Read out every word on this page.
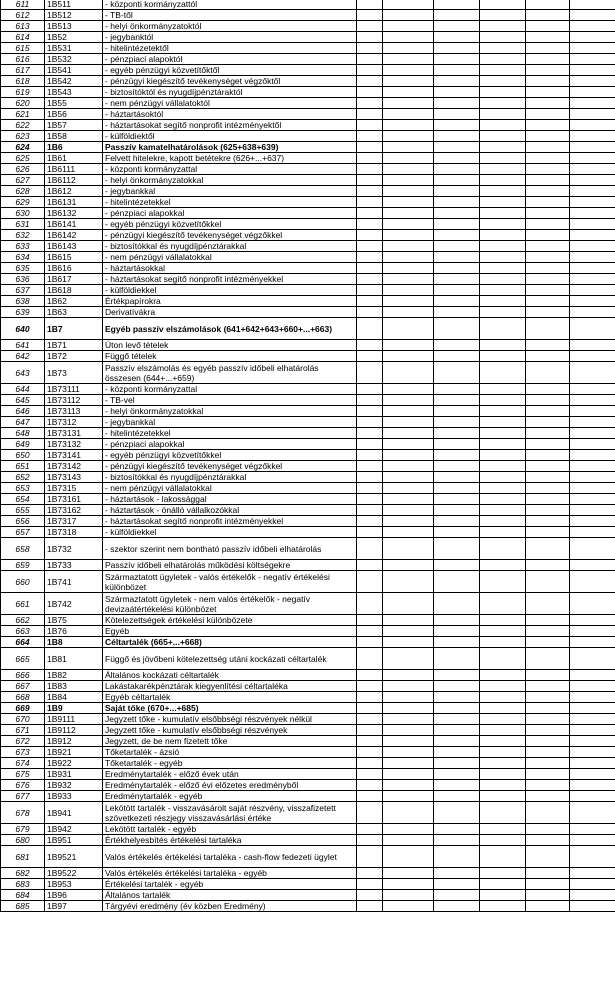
611	1B511	- központi kormányzattól						
612	1B512	- TB-től						
613	1B513	- helyi önkormányzatoktól						
614	1B52	- jegybanktól						
615	1B531	- hitelintézetektől						
616	1B532	- pénzpiaci alapoktól						
617	1B541	- egyéb pénzügyi közvetítőktől						
618	1B542	- pénzügyi kiegészítő tevékenységet végzőktől						
619	1B543	- biztosítóktól és nyugdíjpénztáraktól						
620	1B55	- nem pénzügyi vállalatoktól						
621	1B56	- háztartásoktól						
622	1B57	- háztartásokat segítő nonprofit intézményektől						
623	1B58	- külföldiektől						
624	1B6	Passzív kamatelhatárolások (625+638+639)						
625	1B61	Felvett hitelekre, kapott betétekre (626+...+637)						
626	1B6111	- központi kormányzattal						
627	1B6112	- helyi önkormányzatokkal						
628	1B612	- jegybankkal						
629	1B6131	- hitelintézetekkel						
630	1B6132	- pénzpiaci alapokkal						
631	1B6141	- egyéb pénzügyi közvetítőkkel						
632	1B6142	- pénzügyi kiegészítő tevékenységet végzőkkel						
633	1B6143	- biztosítókkal és nyugdíjpénztárakkal						
634	1B615	- nem pénzügyi vállalatokkal						
635	1B616	- háztartásokkal						
636	1B617	- háztartásokat segítő nonprofit intézményekkel						
637	1B618	- külföldiekkel						
638	1B62	Értékpapírokra						
639	1B63	Derivatívákra						
640	1B7	Egyéb passzív elszámolások (641+642+643+660+...+663)						
641	1B71	Úton levő tételek						
642	1B72	Függő tételek						
643	1B73	Passzív elszámolás és egyéb passzív időbeli elhatárolás összesen (644+...+659)						
644	1B73111	- központi kormányzattal						
645	1B73112	- TB-vel						
646	1B73113	- helyi önkormányzatokkal						
647	1B7312	- jegybankkal						
648	1B73131	- hitelintézetekkel						
649	1B73132	- pénzpiaci alapokkal						
650	1B73141	- egyéb pénzügyi közvetítőkkel						
651	1B73142	- pénzügyi kiegészítő tevékenységet végzőkkel						
652	1B73143	- biztosítókkal és nyugdíjpénztárakkal						
653	1B7315	- nem pénzügyi vállalatokkal						
654	1B73161	- háztartások - lakossággal						
655	1B73162	- háztartások - önálló vállalkozókkal						
656	1B7317	- háztartásokat segítő nonprofit intézményekkel						
657	1B7318	- külföldiekkel						
658	1B732	- szektor szerint nem bontható passzív időbeli elhatárolás						
659	1B733	Passzív időbeli elhatárolás működési költségekre						
660	1B741	Származtatott ügyletek - valós értékelők - negatív értékelési különbözet						
661	1B742	Származtatott ügyletek - nem valós értékelők - negatív devizaátértékelési különbözet						
662	1B75	Kötelezettségek értékelési különbözete						
663	1B76	Egyéb						
664	1B8	Céltartalék (665+...+668)						
665	1B81	Függő és jövőbeni kötelezettség utáni kockázati céltartalék						
666	1B82	Általános kockázati céltartalék						
667	1B83	Lakástakarékpénztárak kiegyenlítési céltartaléka						
668	1B84	Egyéb céltartalék						
669	1B9	Saját tőke (670+...+685)						
670	1B9111	Jegyzett tőke - kumulatív elsőbbségi részvények nélkül						
671	1B9112	Jegyzett tőke - kumulatív elsőbbségi részvények						
672	1B912	Jegyzett, de be nem fizetett tőke						
673	1B921	Tőketartalék - ázsió						
674	1B922	Tőketartalék - egyéb						
675	1B931	Eredménytartalék - előző évek után						
676	1B932	Eredménytartalék - előző évi előzetes eredményből						
677	1B933	Eredménytartalék - egyéb						
678	1B941	Lekötött tartalék - visszavásárolt saját részvény, visszafizetett szövetkezeti részjegy visszavásárlási értéke						
679	1B942	Lekötött tartalék - egyéb						
680	1B951	Értékhelyesbítés értékelési tartaléka						
681	1B9521	Valós értékelés értékelési tartaléka - cash-flow fedezeti ügylet						
682	1B9522	Valós értékelés értékelési tartaléka - egyéb						
683	1B953	Értékelési tartalék - egyéb						
684	1B96	Általános tartalék						
685	1B97	Tárgyévi eredmény (év közben Eredmény)						
